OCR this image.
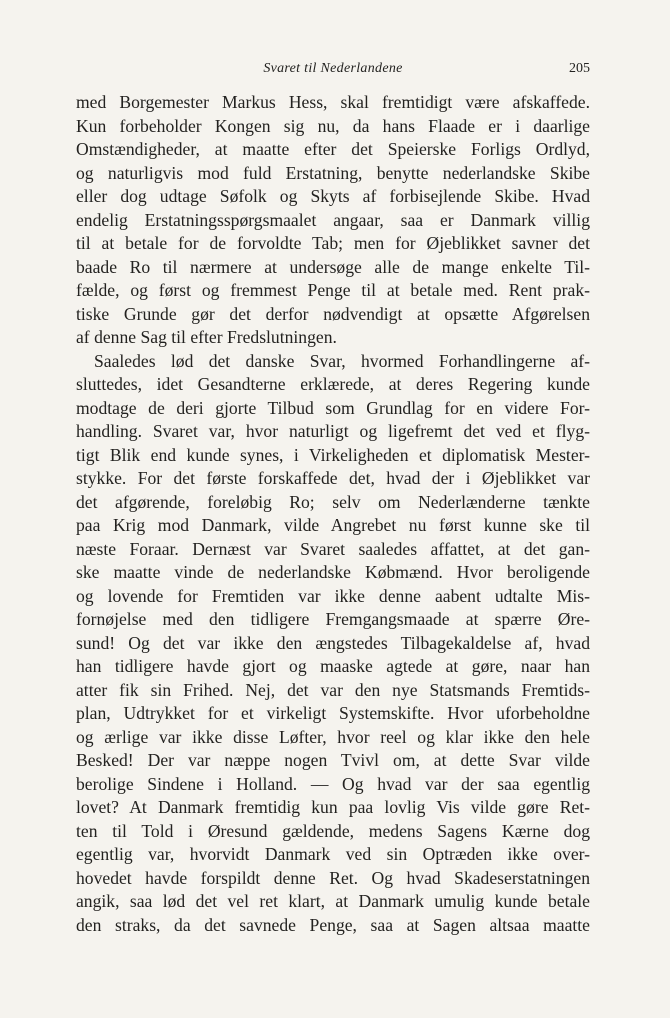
Svaret til Nederlandene	205
med Borgemester Markus Hess, skal fremtidigt være afskaffede.
Kun forbeholder Kongen sig nu, da hans Flaade er i daarlige
Omstændigheder, at maatte efter det Speierske Forligs Ordlyd,
og naturligvis mod fuld Erstatning, benytte nederlandske Skibe
eller dog udtage Søfolk og Skyts af forbisejlende Skibe. Hvad
endelig Erstatningsspørgsmaalet angaar, saa er Danmark villig
til at betale for de forvoldte Tab; men for Øjeblikket savner det
baade Ro til nærmere at undersøge alle de mange enkelte Til-
fælde, og først og fremmest Penge til at betale med. Rent prak-
tiske Grunde gør det derfor nødvendigt at opsætte Afgørelsen
af denne Sag til efter Fredslutningen.
Saaledes lød det danske Svar, hvormed Forhandlingerne af-
sluttedes, idet Gesandterne erklærede, at deres Regering kunde
modtage de deri gjorte Tilbud som Grundlag for en videre For-
handling. Svaret var, hvor naturligt og ligefremt det ved et flyg-
tigt Blik end kunde synes, i Virkeligheden et diplomatisk Mester-
stykke. For det første forskaffede det, hvad der i Øjeblikket var
det afgørende, foreløbig Ro; selv om Nederlænderne tænkte
paa Krig mod Danmark, vilde Angrebet nu først kunne ske til
næste Foraar. Dernæst var Svaret saaledes affattet, at det gan-
ske maatte vinde de nederlandske Købmænd. Hvor beroligende
og lovende for Fremtiden var ikke denne aabent udtalte Mis-
fornøjelse med den tidligere Fremgangsmaade at spærre Øre-
sund! Og det var ikke den ængstedes Tilbagekaldelse af, hvad
han tidligere havde gjort og maaske agtede at gøre, naar han
atter fik sin Frihed. Nej, det var den nye Statsmands Fremtids-
plan, Udtrykket for et virkeligt Systemskifte. Hvor uforbeholdne
og ærlige var ikke disse Løfter, hvor reel og klar ikke den hele
Besked! Der var næppe nogen Tvivl om, at dette Svar vilde
berolige Sindene i Holland. — Og hvad var der saa egentlig
lovet? At Danmark fremtidig kun paa lovlig Vis vilde gøre Ret-
ten til Told i Øresund gældende, medens Sagens Kærne dog
egentlig var, hvorvidt Danmark ved sin Optræden ikke over-
hovedet havde forspildt denne Ret. Og hvad Skadeserstatningen
angik, saa lød det vel ret klart, at Danmark umulig kunde betale
den straks, da det savnede Penge, saa at Sagen altsaa maatte
